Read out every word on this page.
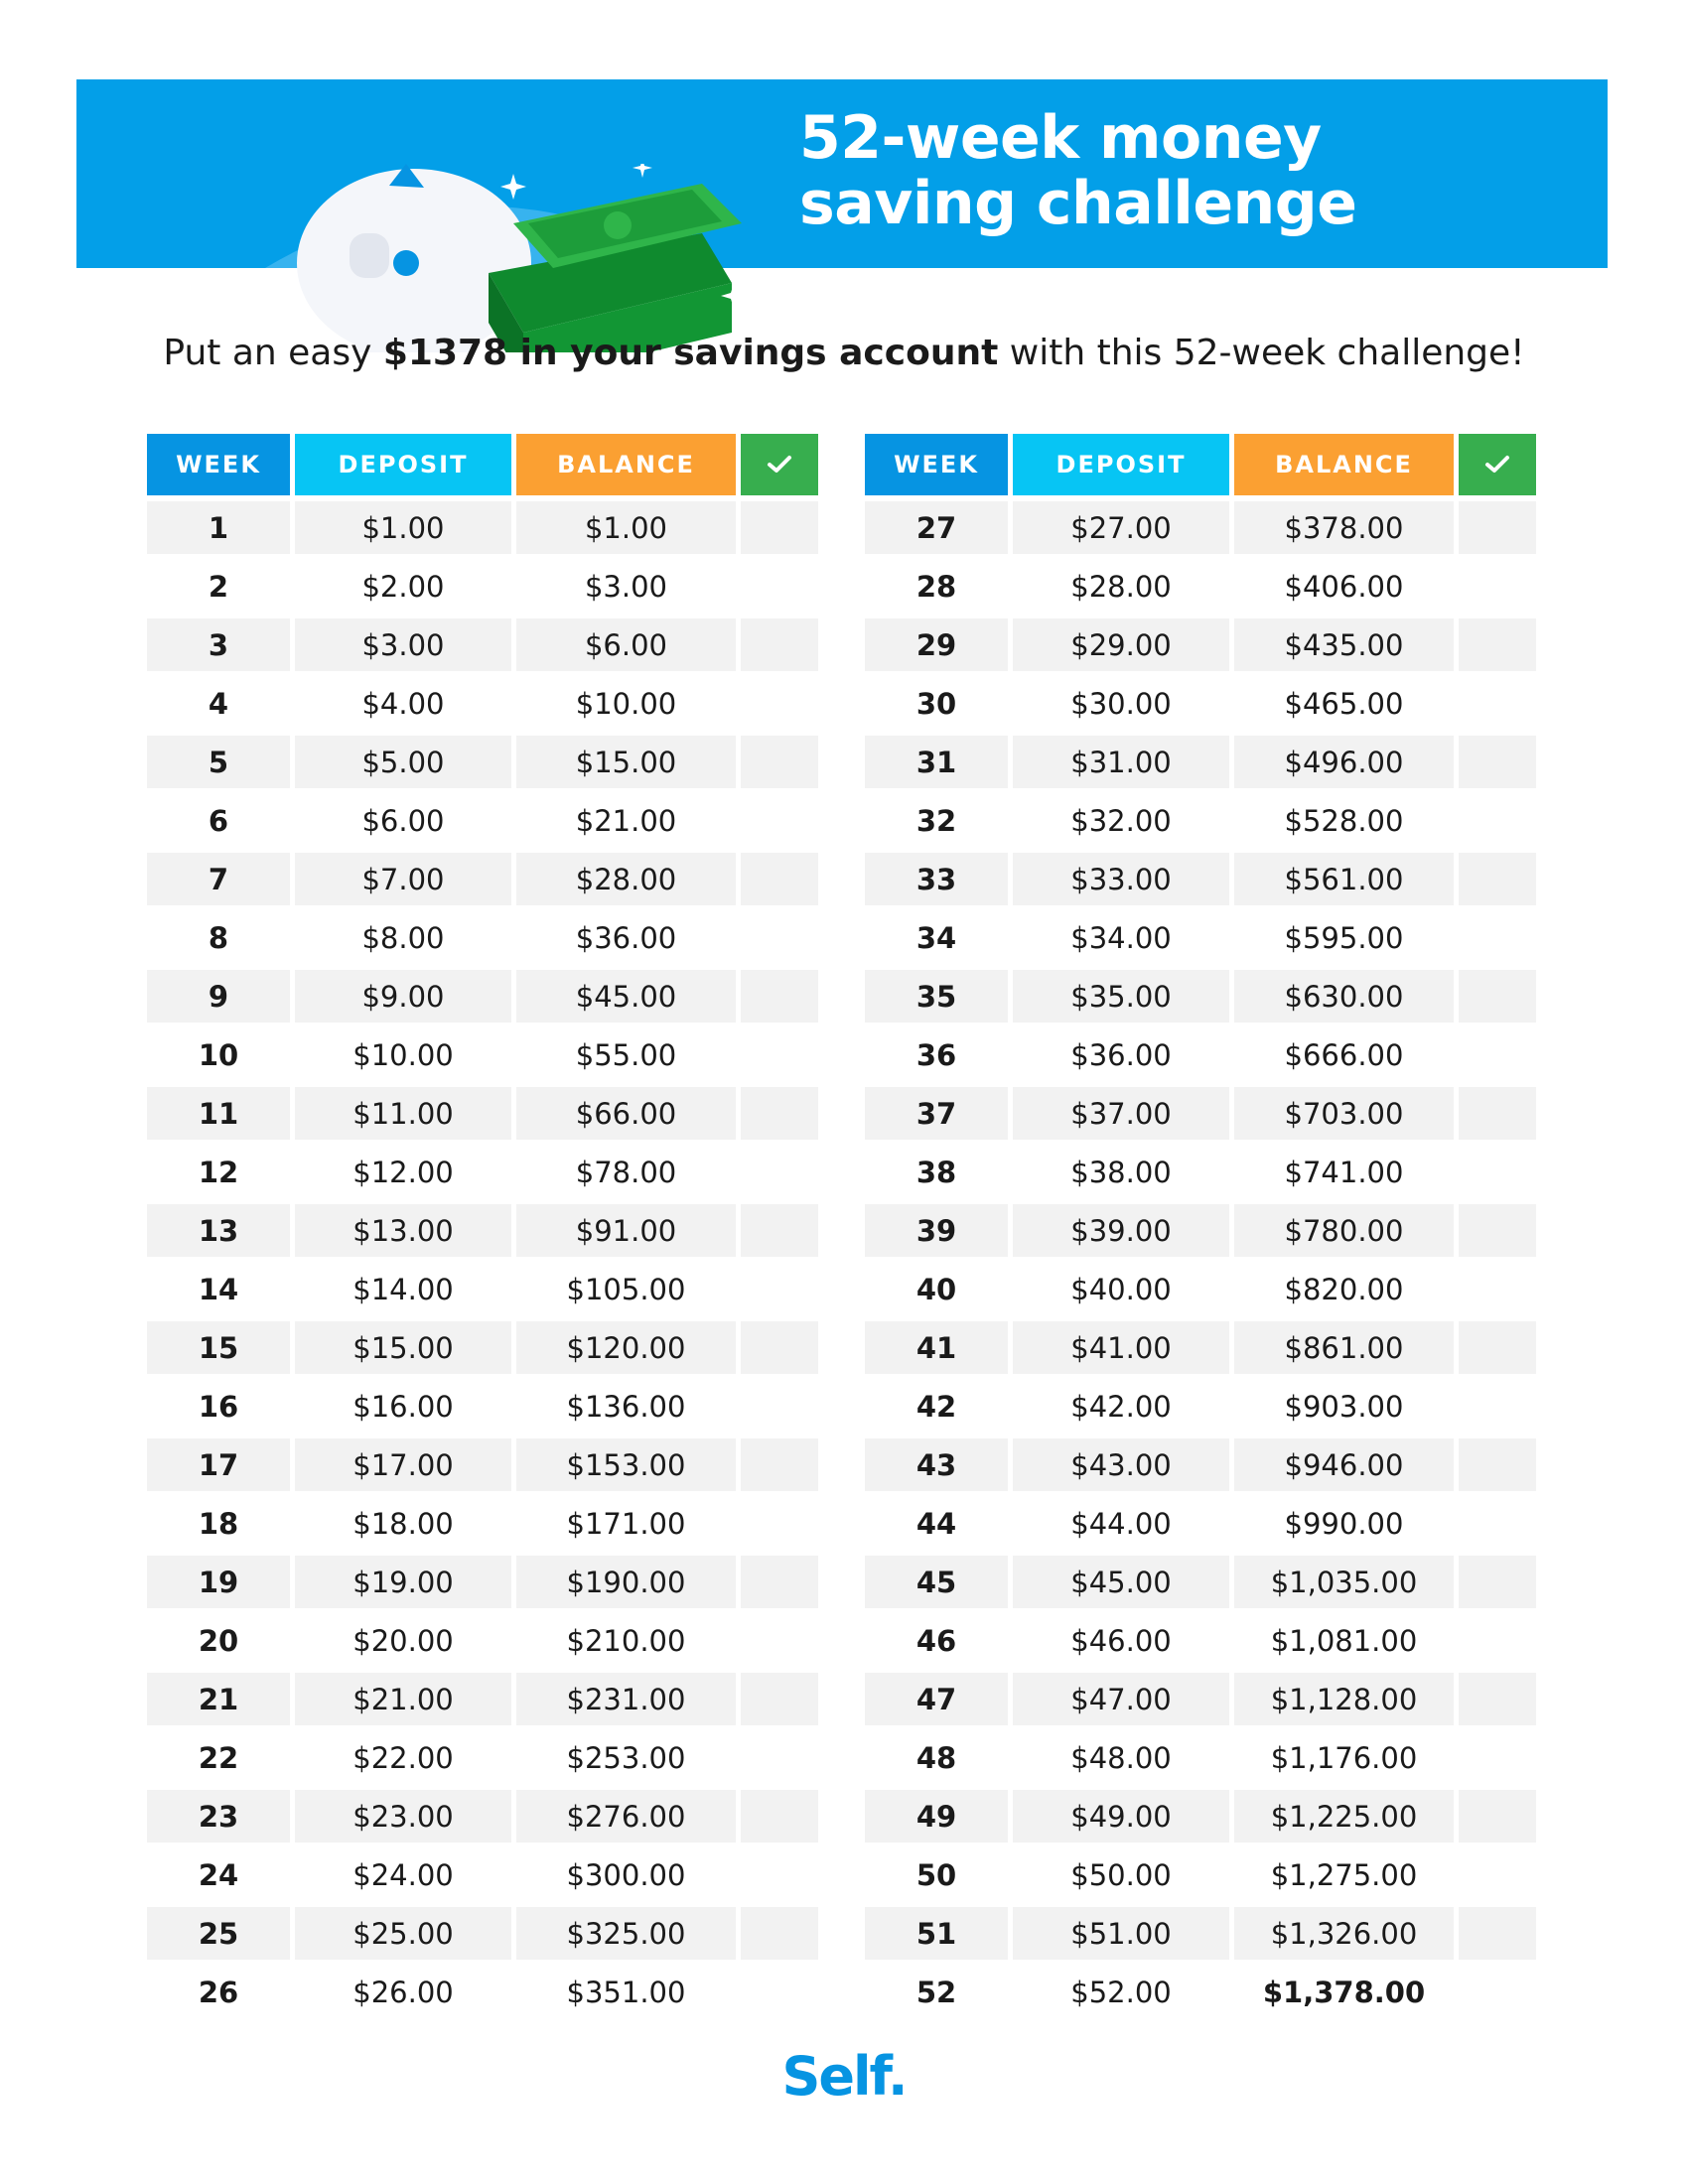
52-week money
saving challenge
Put an easy $1378 in your savings account with this 52-week challenge!
WEEK	DEPOSIT	BALANCE
1	$1.00	$1.00
2	$2.00	$3.00
3	$3.00	$6.00
4	$4.00	$10.00
5	$5.00	$15.00
6	$6.00	$21.00
7	$7.00	$28.00
8	$8.00	$36.00
9	$9.00	$45.00
10	$10.00	$55.00
11	$11.00	$66.00
12	$12.00	$78.00
13	$13.00	$91.00
14	$14.00	$105.00
15	$15.00	$120.00
16	$16.00	$136.00
17	$17.00	$153.00
18	$18.00	$171.00
19	$19.00	$190.00
20	$20.00	$210.00
21	$21.00	$231.00
22	$22.00	$253.00
23	$23.00	$276.00
24	$24.00	$300.00
25	$25.00	$325.00
26	$26.00	$351.00
WEEK	DEPOSIT	BALANCE
27	$27.00	$378.00
28	$28.00	$406.00
29	$29.00	$435.00
30	$30.00	$465.00
31	$31.00	$496.00
32	$32.00	$528.00
33	$33.00	$561.00
34	$34.00	$595.00
35	$35.00	$630.00
36	$36.00	$666.00
37	$37.00	$703.00
38	$38.00	$741.00
39	$39.00	$780.00
40	$40.00	$820.00
41	$41.00	$861.00
42	$42.00	$903.00
43	$43.00	$946.00
44	$44.00	$990.00
45	$45.00	$1,035.00
46	$46.00	$1,081.00
47	$47.00	$1,128.00
48	$48.00	$1,176.00
49	$49.00	$1,225.00
50	$50.00	$1,275.00
51	$51.00	$1,326.00
52	$52.00	$1,378.00
Self.
